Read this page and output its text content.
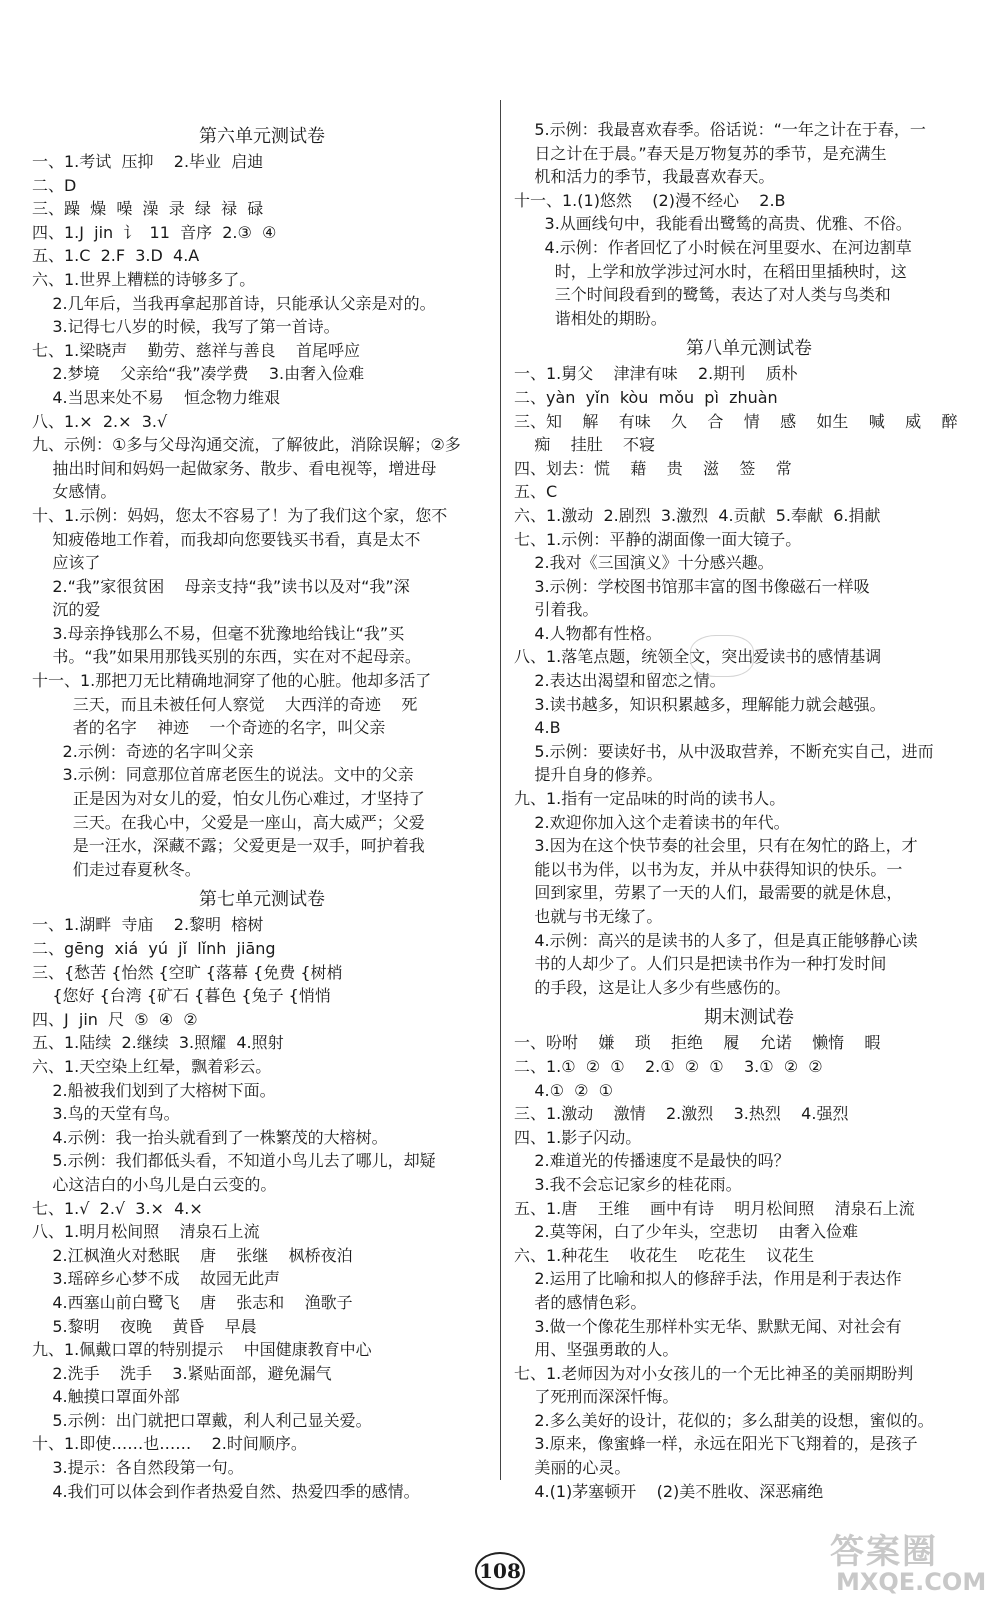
第六单元测试卷
一、1.考试  压抑    2.毕业  启迪
二、D
三、躁  燥  噪  澡  录  绿  禄  碌
四、1.J  jin  讠  11  音序  2.③  ④
五、1.C  2.F  3.D  4.A
六、1.世界上糟糕的诗够多了。
2.几年后，当我再拿起那首诗，只能承认父亲是对的。
3.记得七八岁的时候，我写了第一首诗。
七、1.梁晓声    勤劳、慈祥与善良    首尾呼应
2.梦境    父亲给“我”凑学费    3.由奢入俭难
4.当思来处不易    恒念物力维艰
八、1.×  2.×  3.√
九、示例：①多与父母沟通交流，了解彼此，消除误解；②多
抽出时间和妈妈一起做家务、散步、看电视等，增进母
女感情。
十、1.示例：妈妈，您太不容易了！为了我们这个家，您不
知疲倦地工作着，而我却向您要钱买书看，真是太不
应该了
2.“我”家很贫困    母亲支持“我”读书以及对“我”深
沉的爱
3.母亲挣钱那么不易，但毫不犹豫地给钱让“我”买
书。“我”如果用那钱买别的东西，实在对不起母亲。
十一、1.那把刀无比精确地洞穿了他的心脏。他却多活了
三天，而且未被任何人察觉    大西洋的奇迹    死
者的名字    神迹    一个奇迹的名字，叫父亲
2.示例：奇迹的名字叫父亲
3.示例：同意那位首席老医生的说法。文中的父亲
正是因为对女儿的爱，怕女儿伤心难过，才坚持了
三天。在我心中，父爱是一座山，高大威严；父爱
是一汪水，深藏不露；父爱更是一双手，呵护着我
们走过春夏秋冬。
第七单元测试卷
一、1.湖畔  寺庙    2.黎明  榕树
二、gēng  xiá  yú  jǐ  lǐnh  jiāng
三、{愁苦 {怡然 {空旷 {落幕 {免费 {树梢
{您好 {台湾 {矿石 {暮色 {兔子 {悄悄
四、J  jin  尺  ⑤  ④  ②
五、1.陆续  2.继续  3.照耀  4.照射
六、1.天空染上红晕，飘着彩云。
2.船被我们划到了大榕树下面。
3.鸟的天堂有鸟。
4.示例：我一抬头就看到了一株繁茂的大榕树。
5.示例：我们都低头看，不知道小鸟儿去了哪儿，却疑
心这洁白的小鸟儿是白云变的。
七、1.√  2.√  3.×  4.×
八、1.明月松间照    清泉石上流
2.江枫渔火对愁眠    唐    张继    枫桥夜泊
3.瑶碎乡心梦不成    故园无此声
4.西塞山前白鹭飞    唐    张志和    渔歌子
5.黎明    夜晚    黄昏    早晨
九、1.佩戴口罩的特别提示    中国健康教育中心
2.洗手    洗手    3.紧贴面部，避免漏气
4.触摸口罩面外部
5.示例：出门就把口罩戴，利人利己显关爱。
十、1.即使……也……    2.时间顺序。
3.提示：各自然段第一句。
4.我们可以体会到作者热爱自然、热爱四季的感情。
5.示例：我最喜欢春季。俗话说：“一年之计在于春，一
日之计在于晨。”春天是万物复苏的季节，是充满生
机和活力的季节，我最喜欢春天。
十一、1.(1)悠然    (2)漫不经心    2.B
3.从画线句中，我能看出鹭鸶的高贵、优雅、不俗。
4.示例：作者回忆了小时候在河里耍水、在河边割草
时，上学和放学涉过河水时，在稻田里插秧时，这
三个时间段看到的鹭鸶，表达了对人类与鸟类和
谐相处的期盼。
第八单元测试卷
一、1.舅父    津津有味    2.期刊    质朴
二、yàn  yǐn  kòu  mǒu  pì  zhuàn
三、知    解    有味    久    合    情    感    如生    喊    威    醉
痴    挂肚    不寝
四、划去：慌    藉    贵    滋    签    常
五、C
六、1.激动  2.剧烈  3.激烈  4.贡献  5.奉献  6.捐献
七、1.示例：平静的湖面像一面大镜子。
2.我对《三国演义》十分感兴趣。
3.示例：学校图书馆那丰富的图书像磁石一样吸
引着我。
4.人物都有性格。
八、1.落笔点题，统领全文，突出爱读书的感情基调
2.表达出渴望和留恋之情。
3.读书越多，知识积累越多，理解能力就会越强。
4.B
5.示例：要读好书，从中汲取营养，不断充实自己，进而
提升自身的修养。
九、1.指有一定品味的时尚的读书人。
2.欢迎你加入这个走着读书的年代。
3.因为在这个快节奏的社会里，只有在匆忙的路上，才
能以书为伴，以书为友，并从中获得知识的快乐。一
回到家里，劳累了一天的人们，最需要的就是休息，
也就与书无缘了。
4.示例：高兴的是读书的人多了，但是真正能够静心读
书的人却少了。人们只是把读书作为一种打发时间
的手段，这是让人多少有些感伤的。
期末测试卷
一、吩咐    嫌    琐    拒绝    履    允诺    懒惰    暇
二、1.①  ②  ①    2.①  ②  ①    3.①  ②  ②
4.①  ②  ①
三、1.激动    激情    2.激烈    3.热烈    4.强烈
四、1.影子闪动。
2.难道光的传播速度不是最快的吗？
3.我不会忘记家乡的桂花雨。
五、1.唐    王维    画中有诗    明月松间照    清泉石上流
2.莫等闲，白了少年头，空悲切    由奢入俭难
六、1.种花生    收花生    吃花生    议花生
2.运用了比喻和拟人的修辞手法，作用是利于表达作
者的感情色彩。
3.做一个像花生那样朴实无华、默默无闻、对社会有
用、坚强勇敢的人。
七、1.老师因为对小女孩儿的一个无比神圣的美丽期盼判
了死刑而深深忏悔。
2.多么美好的设计，花似的；多么甜美的设想，蜜似的。
3.原来，像蜜蜂一样，永远在阳光下飞翔着的，是孩子
美丽的心灵。
4.(1)茅塞顿开    (2)美不胜收、深恶痛绝
108	答案圈
MXQE.COM
